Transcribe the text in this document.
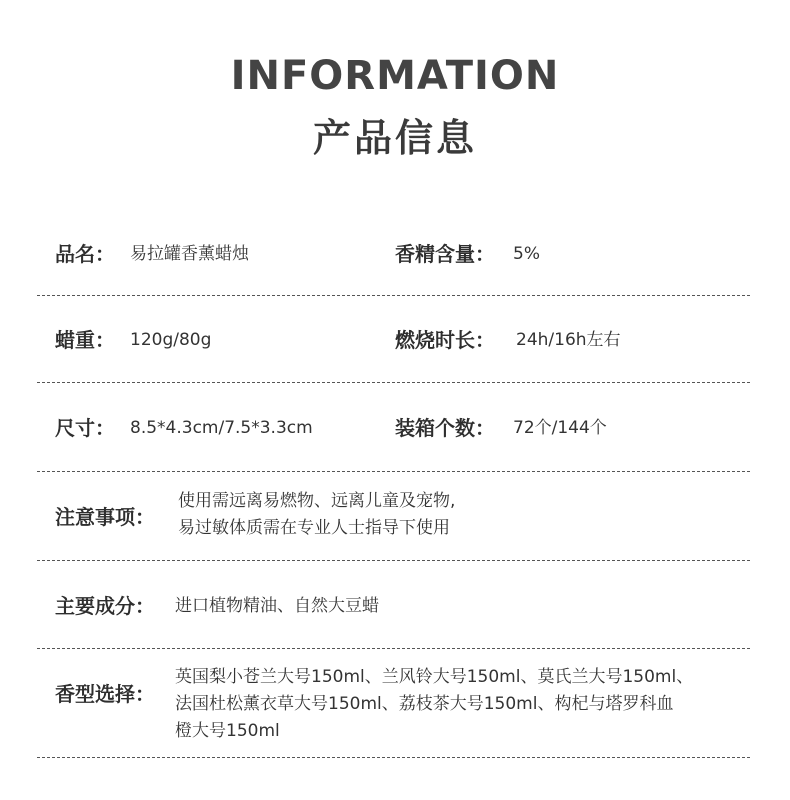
INFORMATION
产品信息
品名： 易拉罐香薰蜡烛	香精含量： 5%
蜡重： 120g/80g	燃烧时长： 24h/16h左右
尺寸： 8.5*4.3cm/7.5*3.3cm	装箱个数： 72个/144个
注意事项：
使用需远离易燃物、远离儿童及宠物,
易过敏体质需在专业人士指导下使用
主要成分： 进口植物精油、自然大豆蜡
香型选择：
英国梨小苍兰大号150ml、兰风铃大号150ml、莫氏兰大号150ml、
法国杜松薰衣草大号150ml、荔枝茶大号150ml、构杞与塔罗科血
橙大号150ml
